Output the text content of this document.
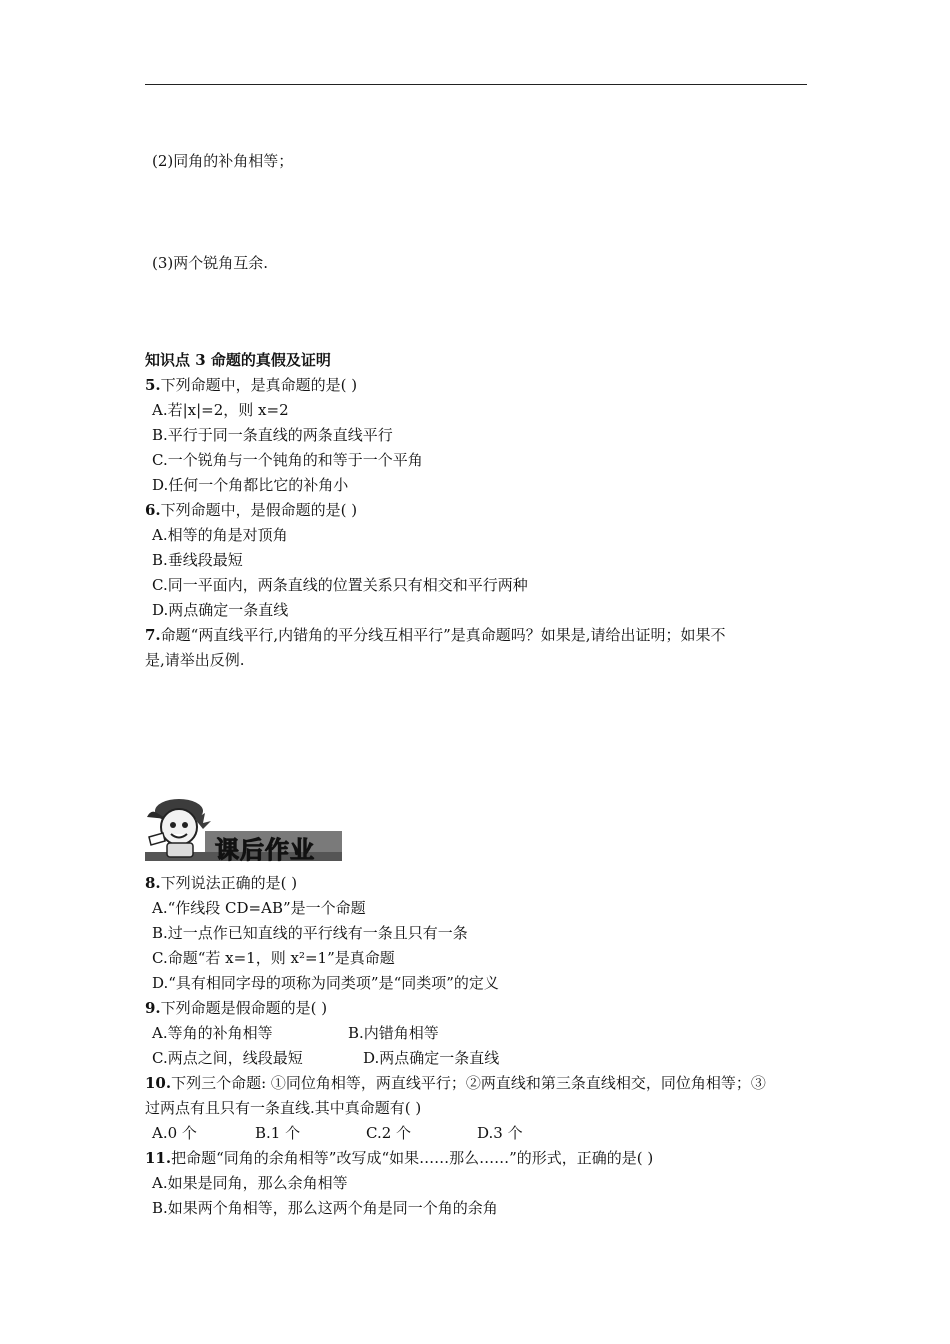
(2)同角的补角相等；
(3)两个锐角互余.
知识点 3 命题的真假及证明
5.下列命题中，是真命题的是( )
A.若|x|=2，则 x=2
B.平行于同一条直线的两条直线平行
C.一个锐角与一个钝角的和等于一个平角
D.任何一个角都比它的补角小
6.下列命题中，是假命题的是( )
A.相等的角是对顶角
B.垂线段最短
C.同一平面内，两条直线的位置关系只有相交和平行两种
D.两点确定一条直线
7.命题“两直线平行,内错角的平分线互相平行”是真命题吗？如果是,请给出证明；如果不
是,请举出反例.
课后作业
8.下列说法正确的是( )
A.“作线段 CD=AB”是一个命题
B.过一点作已知直线的平行线有一条且只有一条
C.命题“若 x=1，则 x²=1”是真命题
D.“具有相同字母的项称为同类项”是“同类项”的定义
9.下列命题是假命题的是( )
A.等角的补角相等	B.内错角相等
C.两点之间，线段最短	D.两点确定一条直线
10.下列三个命题: ①同位角相等，两直线平行；②两直线和第三条直线相交，同位角相等；③
过两点有且只有一条直线.其中真命题有( )
A.0 个	B.1 个	C.2 个	D.3 个
11.把命题“同角的余角相等”改写成“如果……那么……”的形式，正确的是( )
A.如果是同角，那么余角相等
B.如果两个角相等，那么这两个角是同一个角的余角
